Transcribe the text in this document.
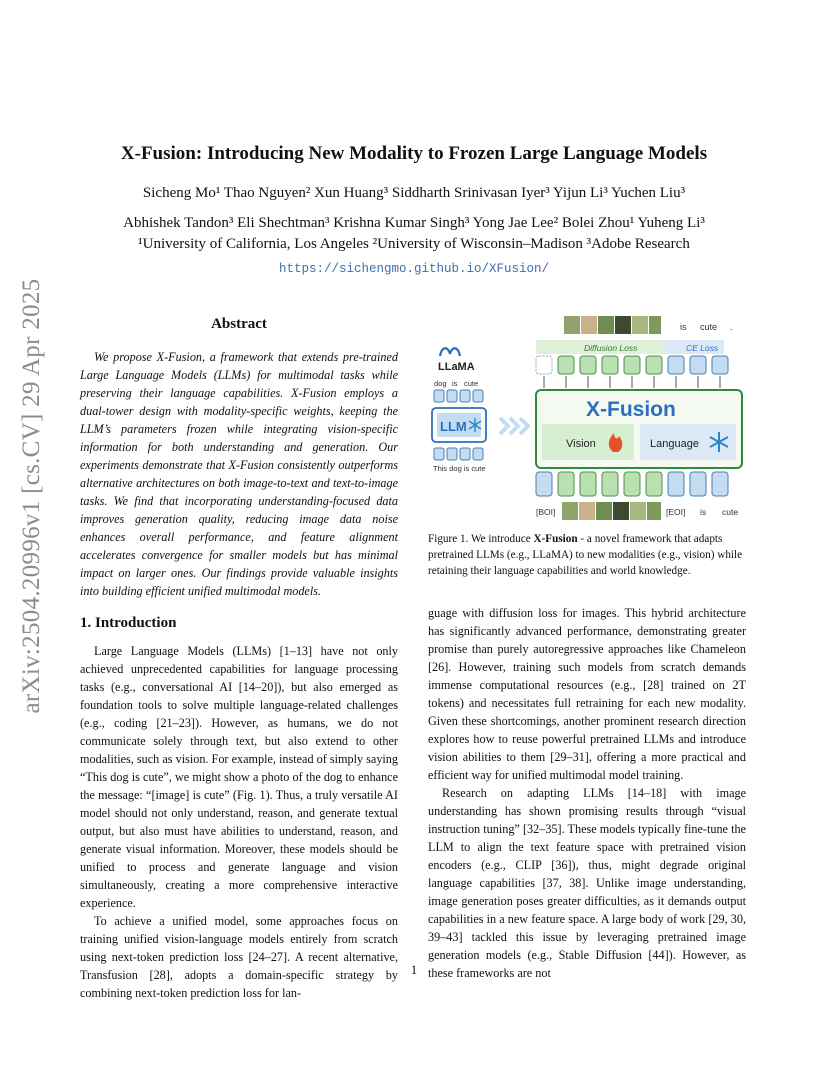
arXiv:2504.20996v1 [cs.CV] 29 Apr 2025
X-Fusion: Introducing New Modality to Frozen Large Language Models
Sicheng Mo¹ Thao Nguyen² Xun Huang³ Siddharth Srinivasan Iyer³ Yijun Li³ Yuchen Liu³
Abhishek Tandon³ Eli Shechtman³ Krishna Kumar Singh³ Yong Jae Lee² Bolei Zhou¹ Yuheng Li³
¹University of California, Los Angeles ²University of Wisconsin–Madison ³Adobe Research
https://sichengmo.github.io/XFusion/
Abstract
We propose X-Fusion, a framework that extends pre-trained Large Language Models (LLMs) for multimodal tasks while preserving their language capabilities. X-Fusion employs a dual-tower design with modality-specific weights, keeping the LLM’s parameters frozen while integrating vision-specific information for both understanding and generation. Our experiments demonstrate that X-Fusion consistently outperforms alternative architectures on both image-to-text and text-to-image tasks. We find that incorporating understanding-focused data improves generation quality, reducing image data noise enhances overall performance, and feature alignment accelerates convergence for smaller models but has minimal impact on larger ones. Our findings provide valuable insights into building efficient unified multimodal models.
is cute .
Diffusion Loss	CE Loss
X-Fusion
Vision	Language
[BOI]	[EOI] is cute
LLaMA
dog is cute
LLM
This dog is cute
Figure 1. We introduce X-Fusion - a novel framework that adapts pretrained LLMs (e.g., LLaMA) to new modalities (e.g., vision) while retaining their language capabilities and world knowledge.
1. Introduction

Large Language Models (LLMs) [1–13] have not only achieved unprecedented capabilities for language processing tasks (e.g., conversational AI [14–20]), but also emerged as foundation tools to solve multiple language-related challenges (e.g., coding [21–23]). However, as humans, we do not communicate solely through text, but also extend to other modalities, such as vision. For example, instead of simply saying “This dog is cute”, we might show a photo of the dog to enhance the message: “[image] is cute” (Fig. 1). Thus, a truly versatile AI model should not only understand, reason, and generate textual output, but also must have abilities to understand, reason, and generate visual information. Moreover, these models should be unified to process and generate language and vision simultaneously, creating a more comprehensive interactive experience.

To achieve a unified model, some approaches focus on training unified vision-language models entirely from scratch using next-token prediction loss [24–27]. A recent alternative, Transfusion [28], adopts a domain-specific strategy by combining next-token prediction loss for lan-

guage with diffusion loss for images. This hybrid architecture has significantly advanced performance, demonstrating greater promise than purely autoregressive approaches like Chameleon [26]. However, training such models from scratch demands immense computational resources (e.g., [28] trained on 2T tokens) and necessitates full retraining for each new modality. Given these shortcomings, another prominent research direction explores how to reuse powerful pretrained LLMs and introduce vision abilities to them [29–31], offering a more practical and efficient way for unified multimodal model training.

Research on adapting LLMs [14–18] with image understanding has shown promising results through “visual instruction tuning” [32–35]. These models typically fine-tune the LLM to align the text feature space with pretrained vision encoders (e.g., CLIP [36]), thus, might degrade original language capabilities [37, 38]. Unlike image understanding, image generation poses greater difficulties, as it demands output capabilities in a new feature space. A large body of work [29, 30, 39–43] tackled this issue by leveraging pretrained image generation models (e.g., Stable Diffusion [44]). However, as these frameworks are not

1
